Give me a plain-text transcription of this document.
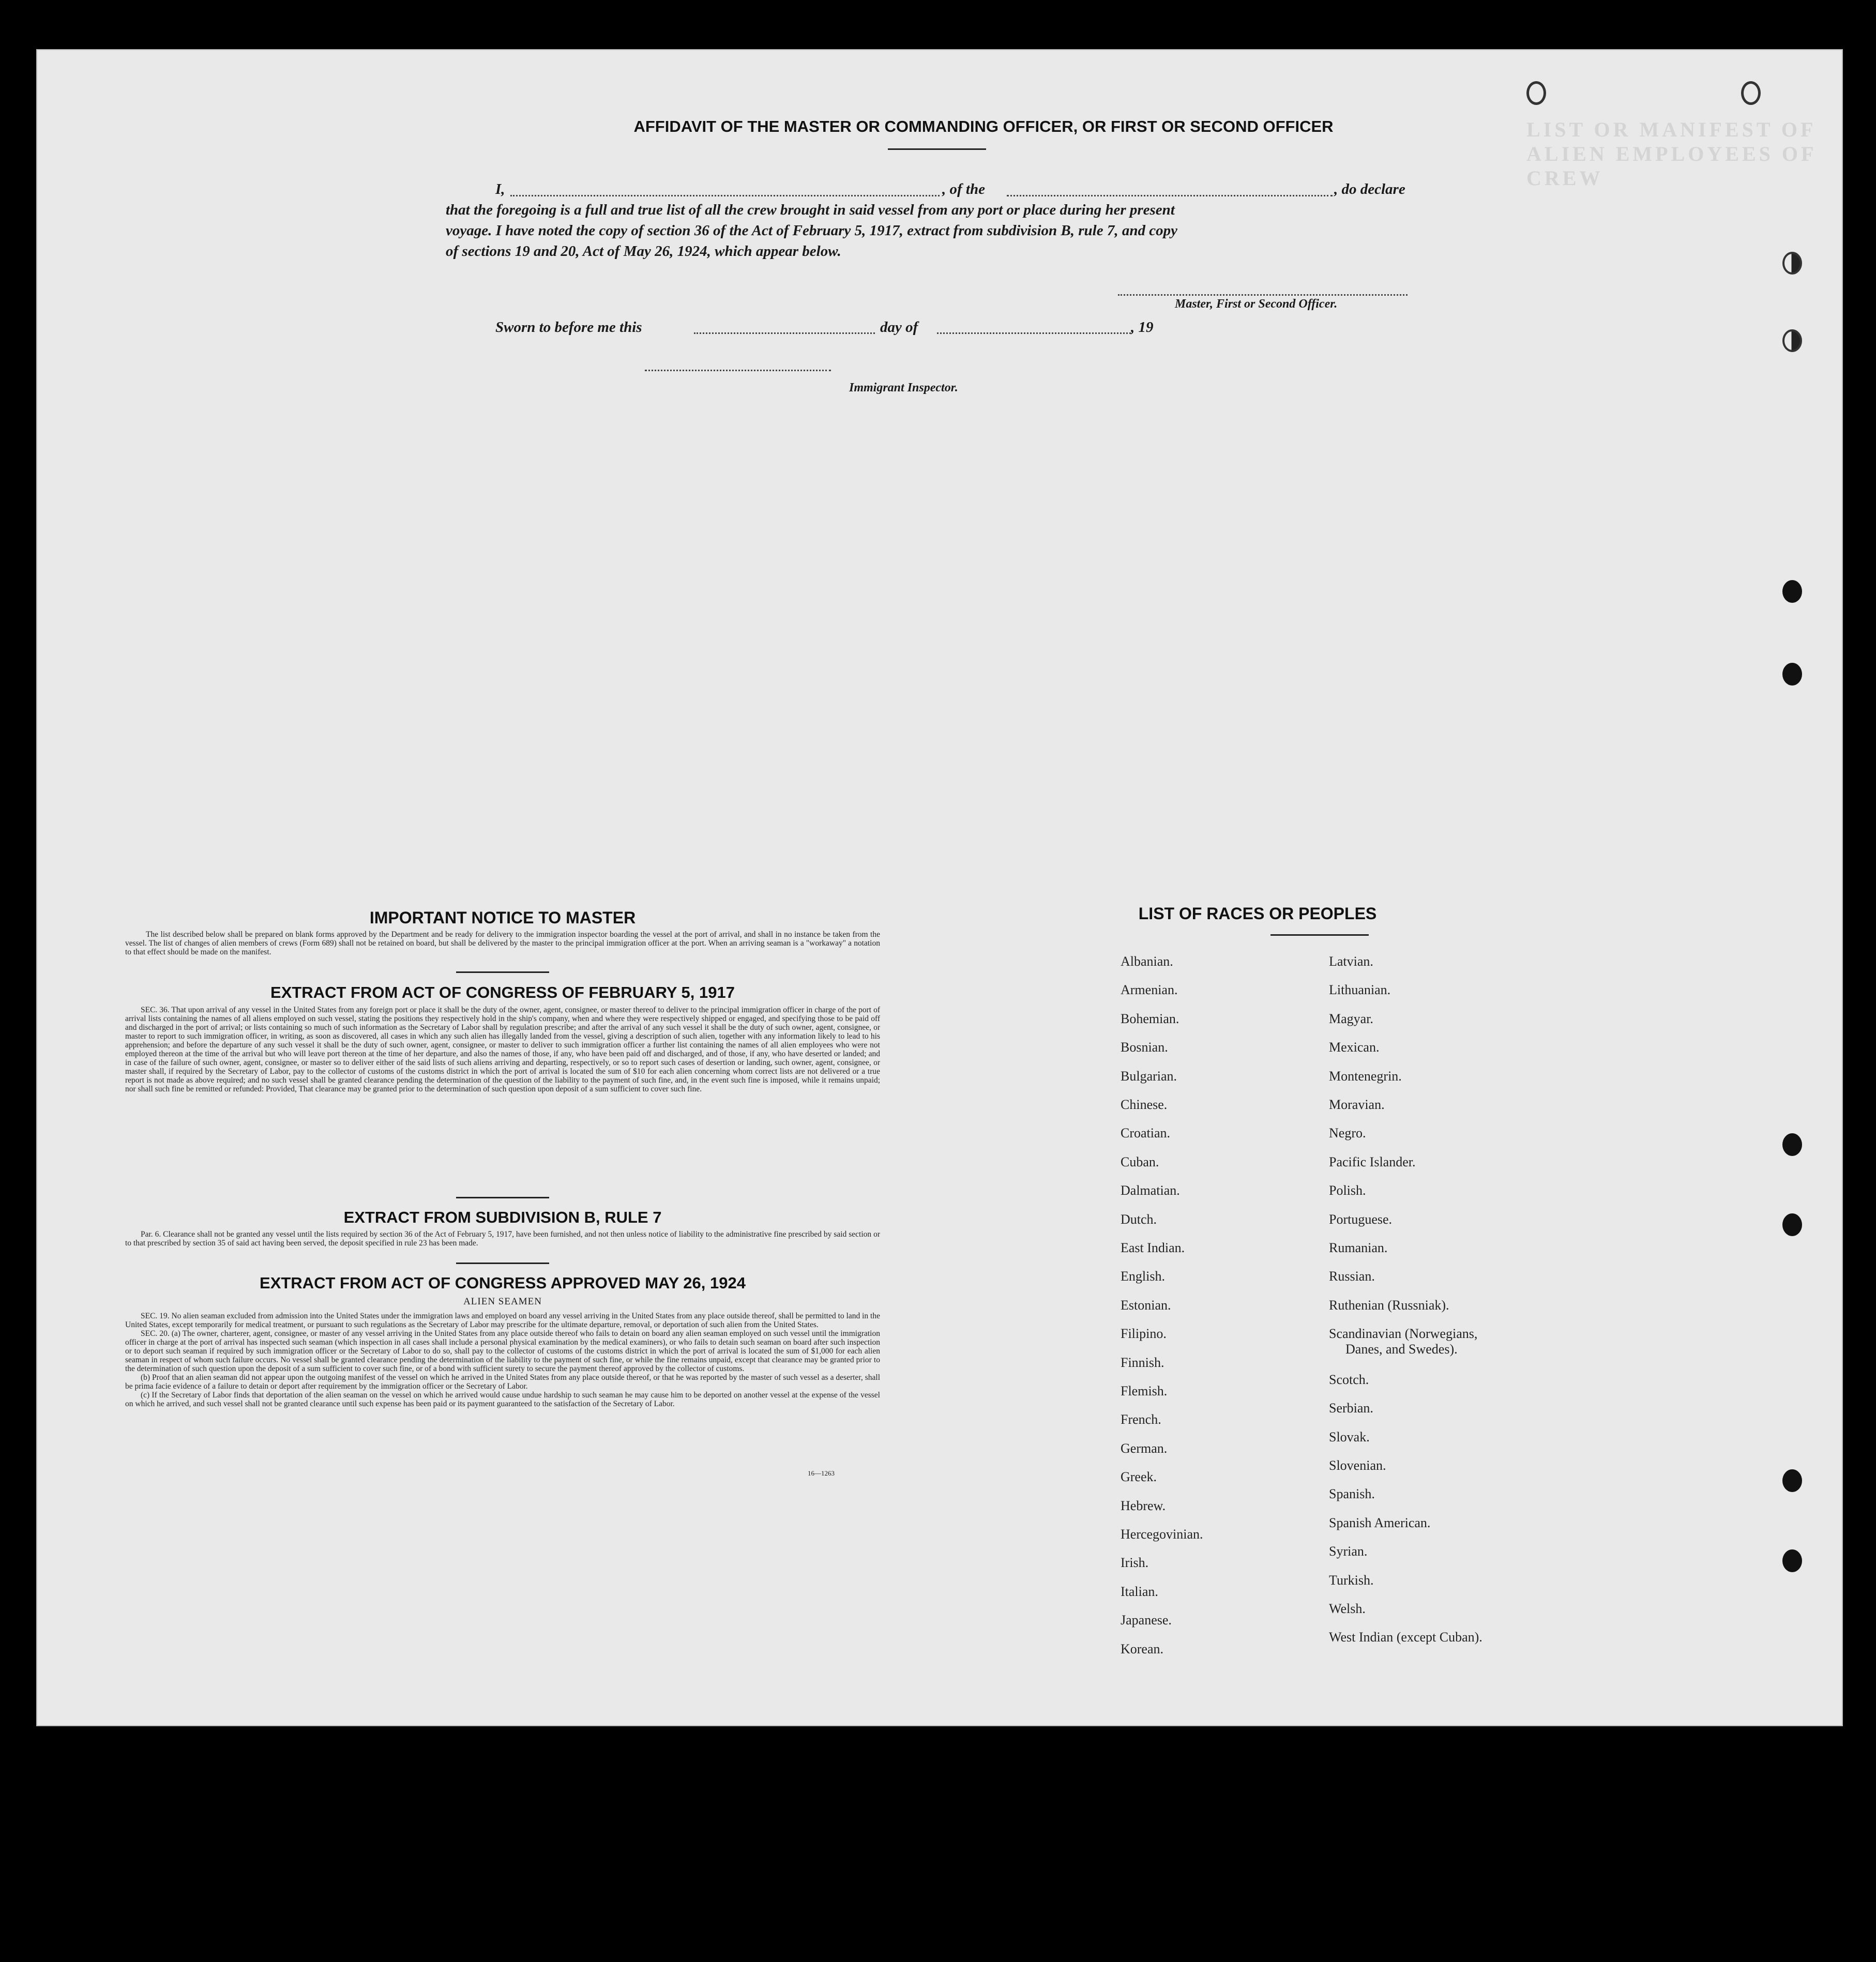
LIST OR MANIFEST OF ALIEN EMPLOYEES OF CREW
AFFIDAVIT OF THE MASTER OR COMMANDING OFFICER, OR FIRST OR SECOND OFFICER
I,	, of the	, do declare
that the foregoing is a full and true list of all the crew brought in said vessel from any port or place during her present
voyage. I have noted the copy of section 36 of the Act of February 5, 1917, extract from subdivision B, rule 7, and copy
of sections 19 and 20, Act of May 26, 1924, which appear below.
Master, First or Second Officer.
Sworn to before me this	day of	, 19
Immigrant Inspector.
IMPORTANT NOTICE TO MASTER
The list described below shall be prepared on blank forms approved by the Department and be ready for delivery to the immigration inspector boarding the vessel at the port of arrival, and shall in no instance be taken from the vessel. The list of changes of alien members of crews (Form 689) shall not be retained on board, but shall be delivered by the master to the principal immigration officer at the port. When an arriving seaman is a "workaway" a notation to that effect should be made on the manifest.
EXTRACT FROM ACT OF CONGRESS OF FEBRUARY 5, 1917
SEC. 36. That upon arrival of any vessel in the United States from any foreign port or place it shall be the duty of the owner, agent, consignee, or master thereof to deliver to the principal immigration officer in charge of the port of arrival lists containing the names of all aliens employed on such vessel, stating the positions they respectively hold in the ship's company, when and where they were respectively shipped or engaged, and specifying those to be paid off and discharged in the port of arrival; or lists containing so much of such information as the Secretary of Labor shall by regulation prescribe; and after the arrival of any such vessel it shall be the duty of such owner, agent, consignee, or master to report to such immigration officer, in writing, as soon as discovered, all cases in which any such alien has illegally landed from the vessel, giving a description of such alien, together with any information likely to lead to his apprehension; and before the departure of any such vessel it shall be the duty of such owner, agent, consignee, or master to deliver to such immigration officer a further list containing the names of all alien employees who were not employed thereon at the time of the arrival but who will leave port thereon at the time of her departure, and also the names of those, if any, who have been paid off and discharged, and of those, if any, who have deserted or landed; and in case of the failure of such owner, agent, consignee, or master so to deliver either of the said lists of such aliens arriving and departing, respectively, or so to report such cases of desertion or landing, such owner, agent, consignee, or master shall, if required by the Secretary of Labor, pay to the collector of customs of the customs district in which the port of arrival is located the sum of $10 for each alien concerning whom correct lists are not delivered or a true report is not made as above required; and no such vessel shall be granted clearance pending the determination of the question of the liability to the payment of such fine, and, in the event such fine is imposed, while it remains unpaid; nor shall such fine be remitted or refunded: Provided, That clearance may be granted prior to the determination of such question upon deposit of a sum sufficient to cover such fine.
EXTRACT FROM SUBDIVISION B, RULE 7
Par. 6. Clearance shall not be granted any vessel until the lists required by section 36 of the Act of February 5, 1917, have been furnished, and not then unless notice of liability to the administrative fine prescribed by said section or to that prescribed by section 35 of said act having been served, the deposit specified in rule 23 has been made.
EXTRACT FROM ACT OF CONGRESS APPROVED MAY 26, 1924
ALIEN SEAMEN

SEC. 19. No alien seaman excluded from admission into the United States under the immigration laws and employed on board any vessel arriving in the United States from any place outside thereof, shall be permitted to land in the United States, except temporarily for medical treatment, or pursuant to such regulations as the Secretary of Labor may prescribe for the ultimate departure, removal, or deportation of such alien from the United States.

SEC. 20. (a) The owner, charterer, agent, consignee, or master of any vessel arriving in the United States from any place outside thereof who fails to detain on board any alien seaman employed on such vessel until the immigration officer in charge at the port of arrival has inspected such seaman (which inspection in all cases shall include a personal physical examination by the medical examiners), or who fails to detain such seaman on board after such inspection or to deport such seaman if required by such immigration officer or the Secretary of Labor to do so, shall pay to the collector of customs of the customs district in which the port of arrival is located the sum of $1,000 for each alien seaman in respect of whom such failure occurs. No vessel shall be granted clearance pending the determination of the liability to the payment of such fine, or while the fine remains unpaid, except that clearance may be granted prior to the determination of such question upon the deposit of a sum sufficient to cover such fine, or of a bond with sufficient surety to secure the payment thereof approved by the collector of customs.

(b) Proof that an alien seaman did not appear upon the outgoing manifest of the vessel on which he arrived in the United States from any place outside thereof, or that he was reported by the master of such vessel as a deserter, shall be prima facie evidence of a failure to detain or deport after requirement by the immigration officer or the Secretary of Labor.

(c) If the Secretary of Labor finds that deportation of the alien seaman on the vessel on which he arrived would cause undue hardship to such seaman he may cause him to be deported on another vessel at the expense of the vessel on which he arrived, and such vessel shall not be granted clearance until such expense has been paid or its payment guaranteed to the satisfaction of the Secretary of Labor.

16—1263
LIST OF RACES OR PEOPLES
Albanian.
Armenian.
Bohemian.
Bosnian.
Bulgarian.
Chinese.
Croatian.
Cuban.
Dalmatian.
Dutch.
East Indian.
English.
Estonian.
Filipino.
Finnish.
Flemish.
French.
German.
Greek.
Hebrew.
Hercegovinian.
Irish.
Italian.
Japanese.
Korean.
Latvian.
Lithuanian.
Magyar.
Mexican.
Montenegrin.
Moravian.
Negro.
Pacific Islander.
Polish.
Portuguese.
Rumanian.
Russian.
Ruthenian (Russniak).
Scandinavian (Norwegians,
Danes, and Swedes).
Scotch.
Serbian.
Slovak.
Slovenian.
Spanish.
Spanish American.
Syrian.
Turkish.
Welsh.
West Indian (except Cuban).
